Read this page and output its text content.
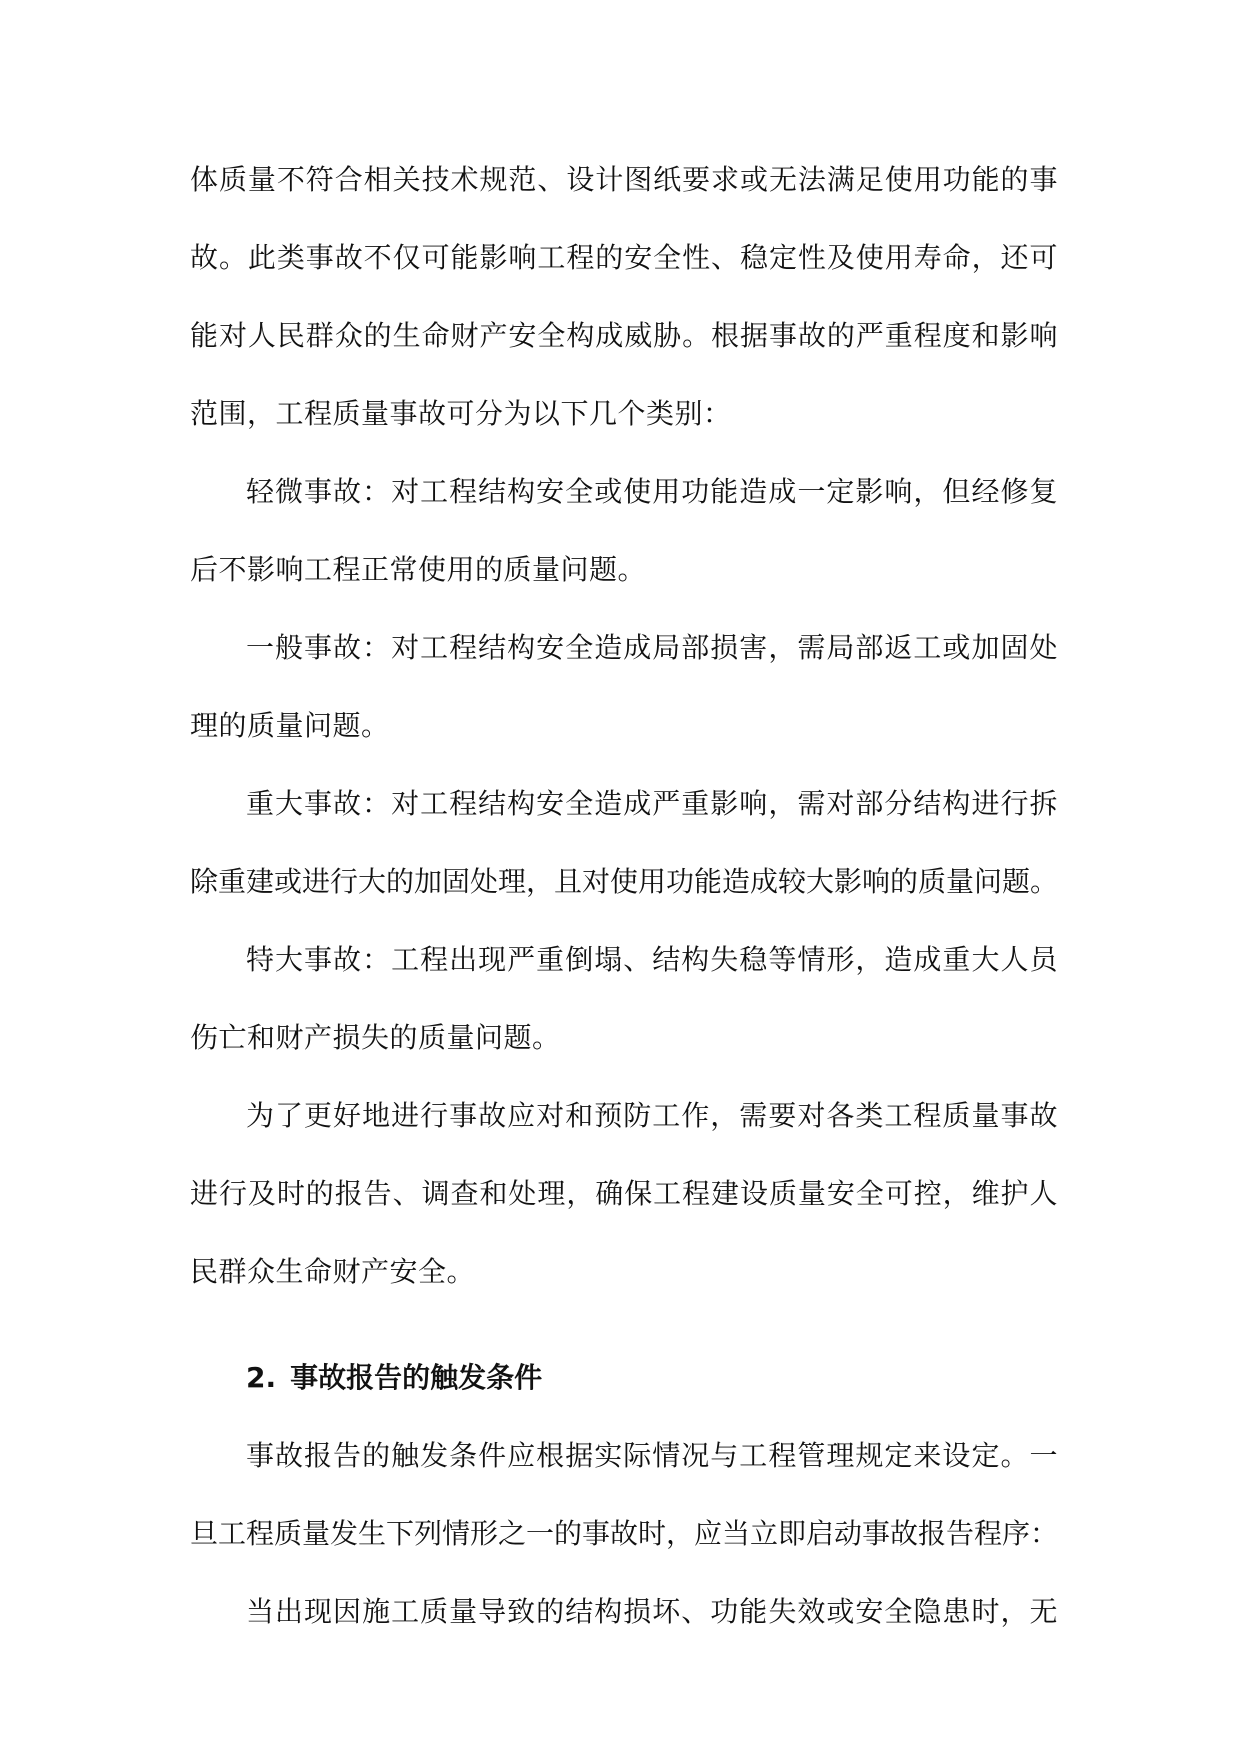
体质量不符合相关技术规范、设计图纸要求或无法满足使用功能的事
故。此类事故不仅可能影响工程的安全性、稳定性及使用寿命，还可
能对人民群众的生命财产安全构成威胁。根据事故的严重程度和影响
范围，工程质量事故可分为以下几个类别：
轻微事故：对工程结构安全或使用功能造成一定影响，但经修复
后不影响工程正常使用的质量问题。
一般事故：对工程结构安全造成局部损害，需局部返工或加固处
理的质量问题。
重大事故：对工程结构安全造成严重影响，需对部分结构进行拆
除重建或进行大的加固处理，且对使用功能造成较大影响的质量问题。
特大事故：工程出现严重倒塌、结构失稳等情形，造成重大人员
伤亡和财产损失的质量问题。
为了更好地进行事故应对和预防工作，需要对各类工程质量事故
进行及时的报告、调查和处理，确保工程建设质量安全可控，维护人
民群众生命财产安全。
2. 事故报告的触发条件
事故报告的触发条件应根据实际情况与工程管理规定来设定。一
旦工程质量发生下列情形之一的事故时，应当立即启动事故报告程序：
当出现因施工质量导致的结构损坏、功能失效或安全隐患时，无
